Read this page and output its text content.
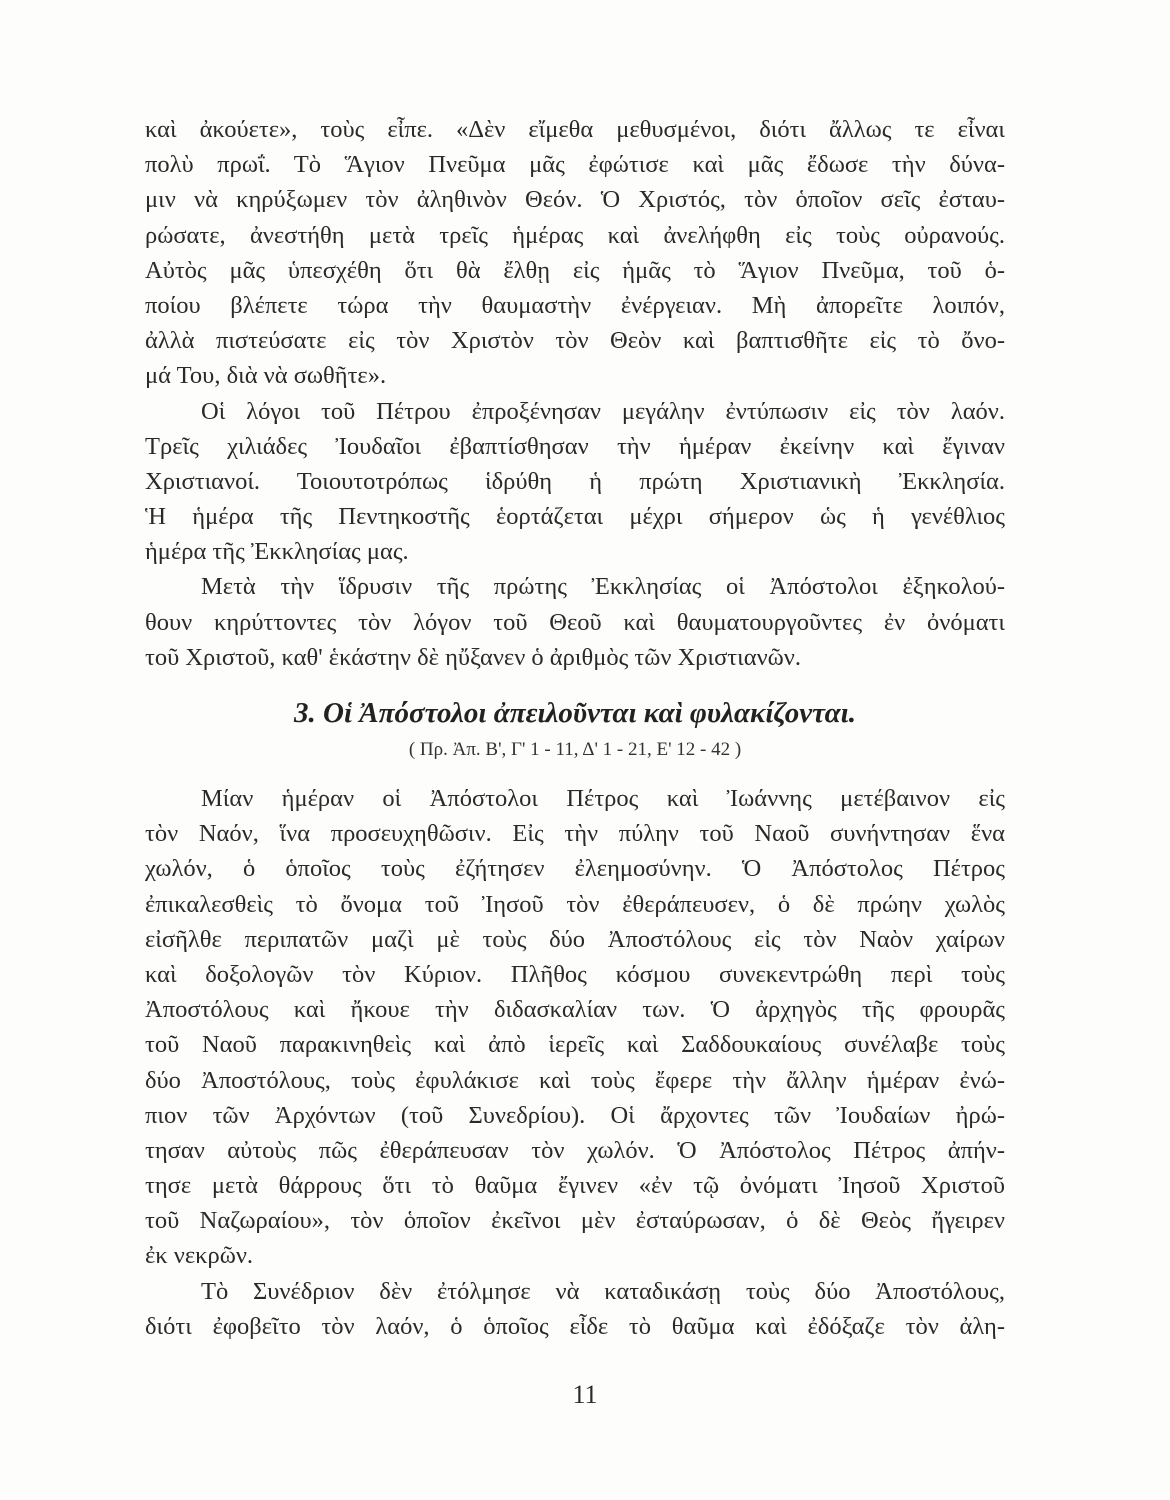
καὶ ἀκούετε», τοὺς εἶπε. «Δὲν εἴμεθα μεθυσμένοι, διότι ἄλλως τε εἶναι
πολὺ πρωΐ. Τὸ Ἅγιον Πνεῦμα μᾶς ἐφώτισε καὶ μᾶς ἔδωσε τὴν δύνα-
μιν νὰ κηρύξωμεν τὸν ἀληθινὸν Θεόν. Ὁ Χριστός, τὸν ὁποῖον σεῖς ἐσταυ-
ρώσατε, ἀνεστήθη μετὰ τρεῖς ἡμέρας καὶ ἀνελήφθη εἰς τοὺς οὐρανούς.
Αὐτὸς μᾶς ὑπεσχέθη ὅτι θὰ ἔλθῃ εἰς ἡμᾶς τὸ Ἅγιον Πνεῦμα, τοῦ ὁ-
ποίου βλέπετε τώρα τὴν θαυμαστὴν ἐνέργειαν. Μὴ ἀπορεῖτε λοιπόν,
ἀλλὰ πιστεύσατε εἰς τὸν Χριστὸν τὸν Θεὸν καὶ βαπτισθῆτε εἰς τὸ ὄνο-
μά Του, διὰ νὰ σωθῆτε».
Οἱ λόγοι τοῦ Πέτρου ἐπροξένησαν μεγάλην ἐντύπωσιν εἰς τὸν λαόν.
Τρεῖς χιλιάδες Ἰουδαῖοι ἐβαπτίσθησαν τὴν ἡμέραν ἐκείνην καὶ ἔγιναν
Χριστιανοί. Τοιουτοτρόπως ἱδρύθη ἡ πρώτη Χριστιανικὴ Ἐκκλησία.
Ἡ ἡμέρα τῆς Πεντηκοστῆς ἑορτάζεται μέχρι σήμερον ὡς ἡ γενέθλιος
ἡμέρα τῆς Ἐκκλησίας μας.
Μετὰ τὴν ἵδρυσιν τῆς πρώτης Ἐκκλησίας οἱ Ἀπόστολοι ἐξηκολού-
θουν κηρύττοντες τὸν λόγον τοῦ Θεοῦ καὶ θαυματουργοῦντες ἐν ὀνόματι
τοῦ Χριστοῦ, καθ' ἑκάστην δὲ ηὔξανεν ὁ ἀριθμὸς τῶν Χριστιανῶν.
3. Οἱ Ἀπόστολοι ἀπειλοῦνται καὶ φυλακίζονται.
( Πρ. Ἀπ. Β', Γ' 1 - 11, Δ' 1 - 21, Ε' 12 - 42 )
Μίαν ἡμέραν οἱ Ἀπόστολοι Πέτρος καὶ Ἰωάννης μετέβαινον εἰς
τὸν Ναόν, ἵνα προσευχηθῶσιν. Εἰς τὴν πύλην τοῦ Ναοῦ συνήντησαν ἕνα
χωλόν, ὁ ὁποῖος τοὺς ἐζήτησεν ἐλεημοσύνην. Ὁ Ἀπόστολος Πέτρος
ἐπικαλεσθεὶς τὸ ὄνομα τοῦ Ἰησοῦ τὸν ἐθεράπευσεν, ὁ δὲ πρώην χωλὸς
εἰσῆλθε περιπατῶν μαζὶ μὲ τοὺς δύο Ἀποστόλους εἰς τὸν Ναὸν χαίρων
καὶ δοξολογῶν τὸν Κύριον. Πλῆθος κόσμου συνεκεντρώθη περὶ τοὺς
Ἀποστόλους καὶ ἤκουε τὴν διδασκαλίαν των. Ὁ ἀρχηγὸς τῆς φρουρᾶς
τοῦ Ναοῦ παρακινηθεὶς καὶ ἀπὸ ἱερεῖς καὶ Σαδδουκαίους συνέλαβε τοὺς
δύο Ἀποστόλους, τοὺς ἐφυλάκισε καὶ τοὺς ἔφερε τὴν ἄλλην ἡμέραν ἐνώ-
πιον τῶν Ἀρχόντων (τοῦ Συνεδρίου). Οἱ ἄρχοντες τῶν Ἰουδαίων ἠρώ-
τησαν αὐτοὺς πῶς ἐθεράπευσαν τὸν χωλόν. Ὁ Ἀπόστολος Πέτρος ἀπήν-
τησε μετὰ θάρρους ὅτι τὸ θαῦμα ἔγινεν «ἐν τῷ ὀνόματι Ἰησοῦ Χριστοῦ
τοῦ Ναζωραίου», τὸν ὁποῖον ἐκεῖνοι μὲν ἐσταύρωσαν, ὁ δὲ Θεὸς ἤγειρεν
ἐκ νεκρῶν.
Τὸ Συνέδριον δὲν ἐτόλμησε νὰ καταδικάσῃ τοὺς δύο Ἀποστόλους,
διότι ἐφοβεῖτο τὸν λαόν, ὁ ὁποῖος εἶδε τὸ θαῦμα καὶ ἐδόξαζε τὸν ἀλη-
11
